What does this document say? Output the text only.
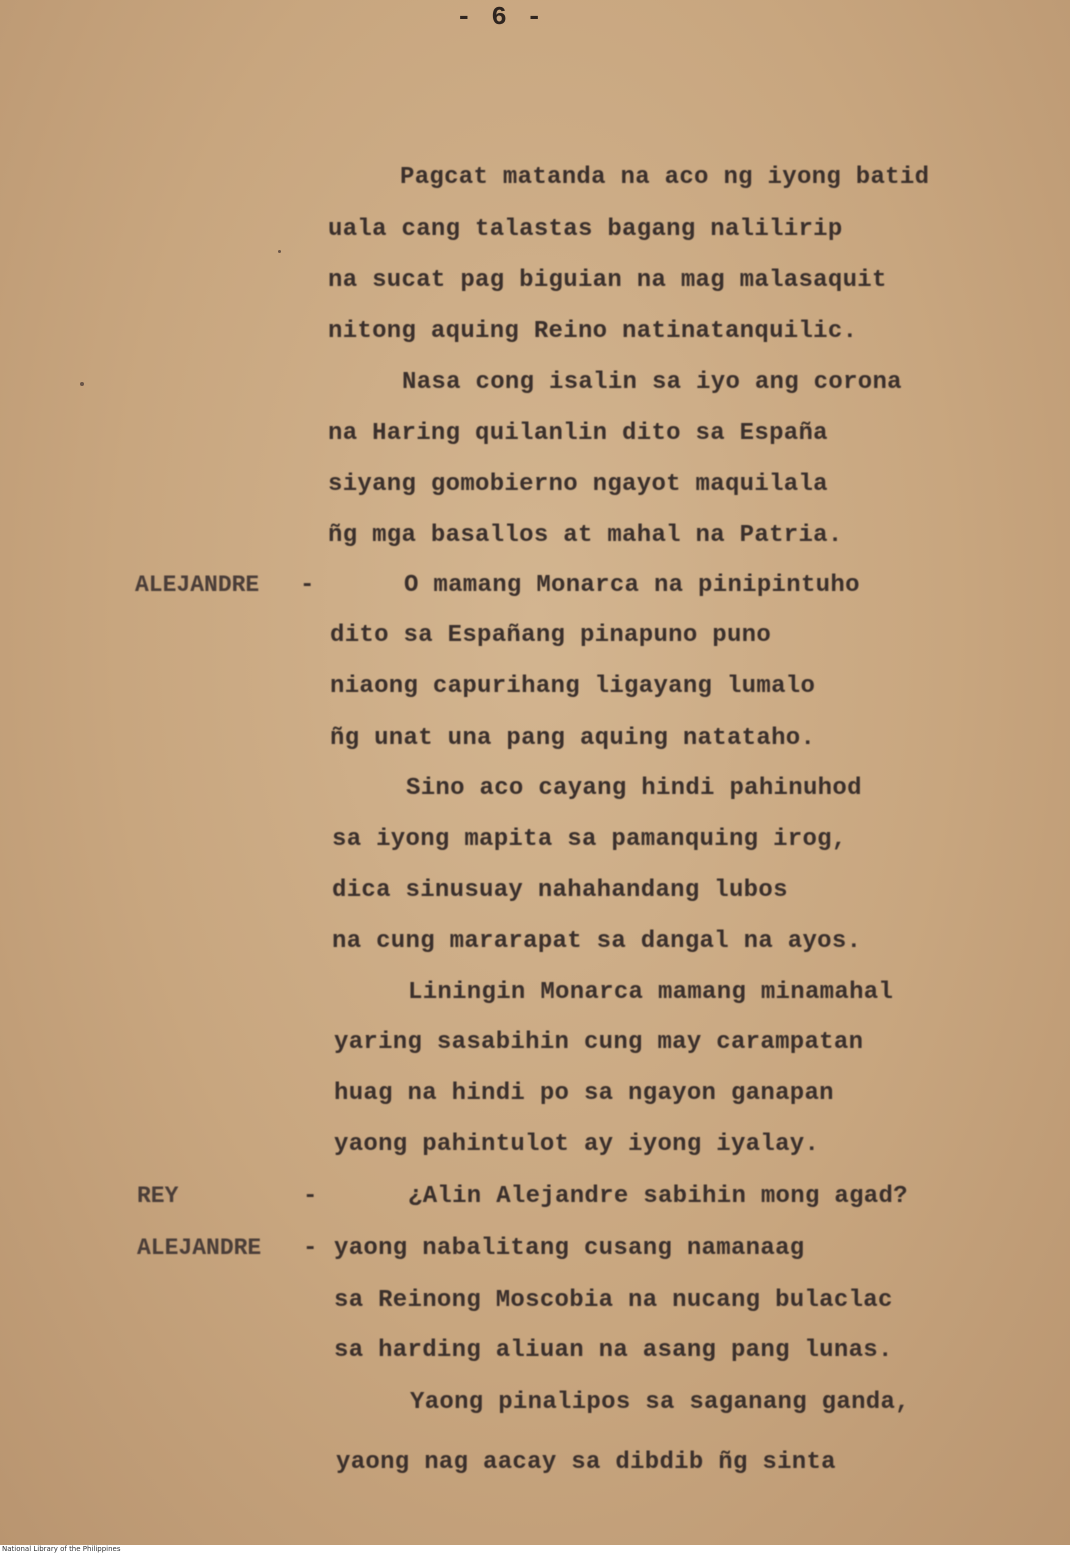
- 6 -
ALEJANDRE -
REY	-
ALEJANDRE -
Pagcat matanda na aco ng iyong batid
uala cang talastas bagang nalilirip
na sucat pag biguian na mag malasaquit
nitong aquing Reino natinatanquilic.
Nasa cong isalin sa iyo ang corona
na Haring quilanlin dito sa España
siyang gomobierno ngayot maquilala
ñg mga basallos at mahal na Patria.
O mamang Monarca na pinipintuho
dito sa Españang pinapuno puno
niaong capurihang ligayang lumalo
ñg unat una pang aquing natataho.
Sino aco cayang hindi pahinuhod
sa iyong mapita sa pamanquing irog,
dica sinusuay nahahandang lubos
na cung mararapat sa dangal na ayos.
Liningin Monarca mamang minamahal
yaring sasabihin cung may carampatan
huag na hindi po sa ngayon ganapan
yaong pahintulot ay iyong iyalay.
¿Alin Alejandre sabihin mong agad?
yaong nabalitang cusang namanaag
sa Reinong Moscobia na nucang bulaclac
sa harding aliuan na asang pang lunas.
Yaong pinalipos sa saganang ganda,
yaong nag aacay sa dibdib ñg sinta
National Library of the Philippines
